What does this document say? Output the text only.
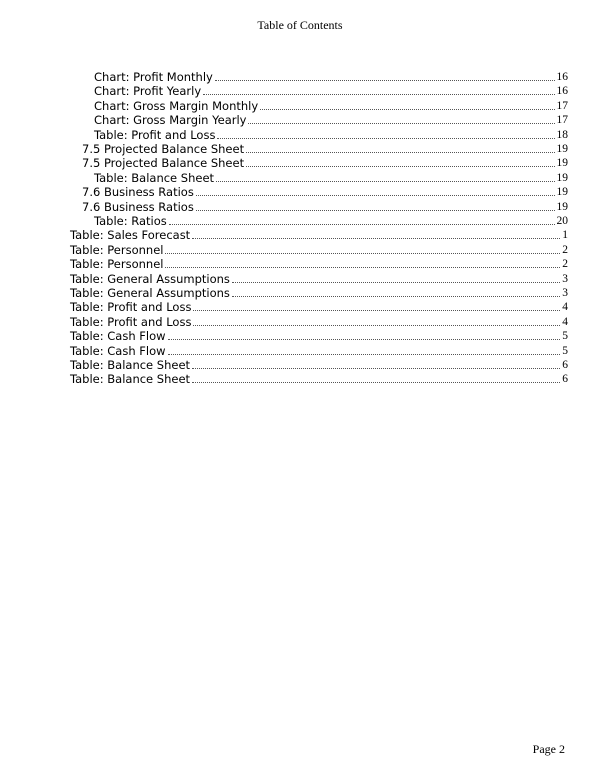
Table of Contents
Chart: Profit Monthly	16
Chart: Profit Yearly	16
Chart: Gross Margin Monthly	17
Chart: Gross Margin Yearly	17
Table: Profit and Loss	18
7.5 Projected Balance Sheet	19
7.5 Projected Balance Sheet	19
Table: Balance Sheet	19
7.6 Business Ratios	19
7.6 Business Ratios	19
Table: Ratios	20
Table: Sales Forecast	1
Table: Personnel	2
Table: Personnel	2
Table: General Assumptions	3
Table: General Assumptions	3
Table: Profit and Loss	4
Table: Profit and Loss	4
Table: Cash Flow	5
Table: Cash Flow	5
Table: Balance Sheet	6
Table: Balance Sheet	6
Page 2
